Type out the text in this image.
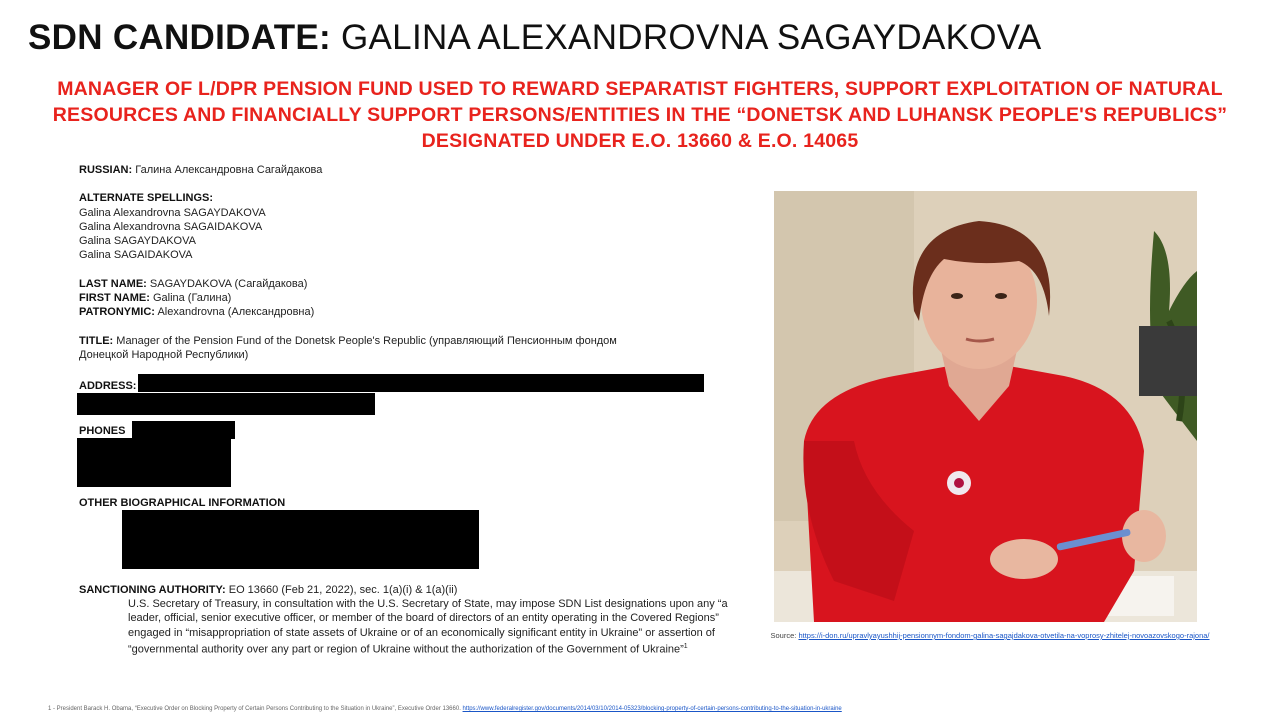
SDN CANDIDATE: GALINA ALEXANDROVNA SAGAYDAKOVA
MANAGER OF L/DPR PENSION FUND USED TO REWARD SEPARATIST FIGHTERS, SUPPORT EXPLOITATION OF NATURAL
RESOURCES AND FINANCIALLY SUPPORT PERSONS/ENTITIES IN THE “DONETSK AND LUHANSK PEOPLE'S REPUBLICS”
DESIGNATED UNDER E.O. 13660 & E.O. 14065
RUSSIAN: Галина Александровна Сагайдакова
ALTERNATE SPELLINGS:
Galina Alexandrovna SAGAYDAKOVA
Galina Alexandrovna SAGAIDAKOVA
Galina SAGAYDAKOVA
Galina SAGAIDAKOVA
LAST NAME: SAGAYDAKOVA (Сагайдакова)
FIRST NAME: Galina (Галина)
PATRONYMIC: Alexandrovna (Александровна)
TITLE: Manager of the Pension Fund of the Donetsk People's Republic (управляющий Пенсионным фондом
Донецкой Народной Республики)
ADDRESS:
PHONES
OTHER BIOGRAPHICAL INFORMATION
SANCTIONING AUTHORITY: EO 13660 (Feb 21, 2022), sec. 1(a)(i) & 1(a)(ii)
U.S. Secretary of Treasury, in consultation with the U.S. Secretary of State, may impose SDN List designations upon any “a leader, official, senior executive officer, or member of the board of directors of an entity operating in the Covered Regions” engaged in “misappropriation of state assets of Ukraine or of an economically significant entity in Ukraine” or assertion of “governmental authority over any part or region of Ukraine without the authorization of the Government of Ukraine”$^1$
Source: https://i-don.ru/upravlyayushhij-pensionnym-fondom-galina-sagajdakova-otvetila-na-voprosy-zhitelej-novoazovskogo-rajona/
1 - President Barack H. Obama, “Executive Order on Blocking Property of Certain Persons Contributing to the Situation in Ukraine”, Executive Order 13660. https://www.federalregister.gov/documents/2014/03/10/2014-05323/blocking-property-of-certain-persons-contributing-to-the-situation-in-ukraine
